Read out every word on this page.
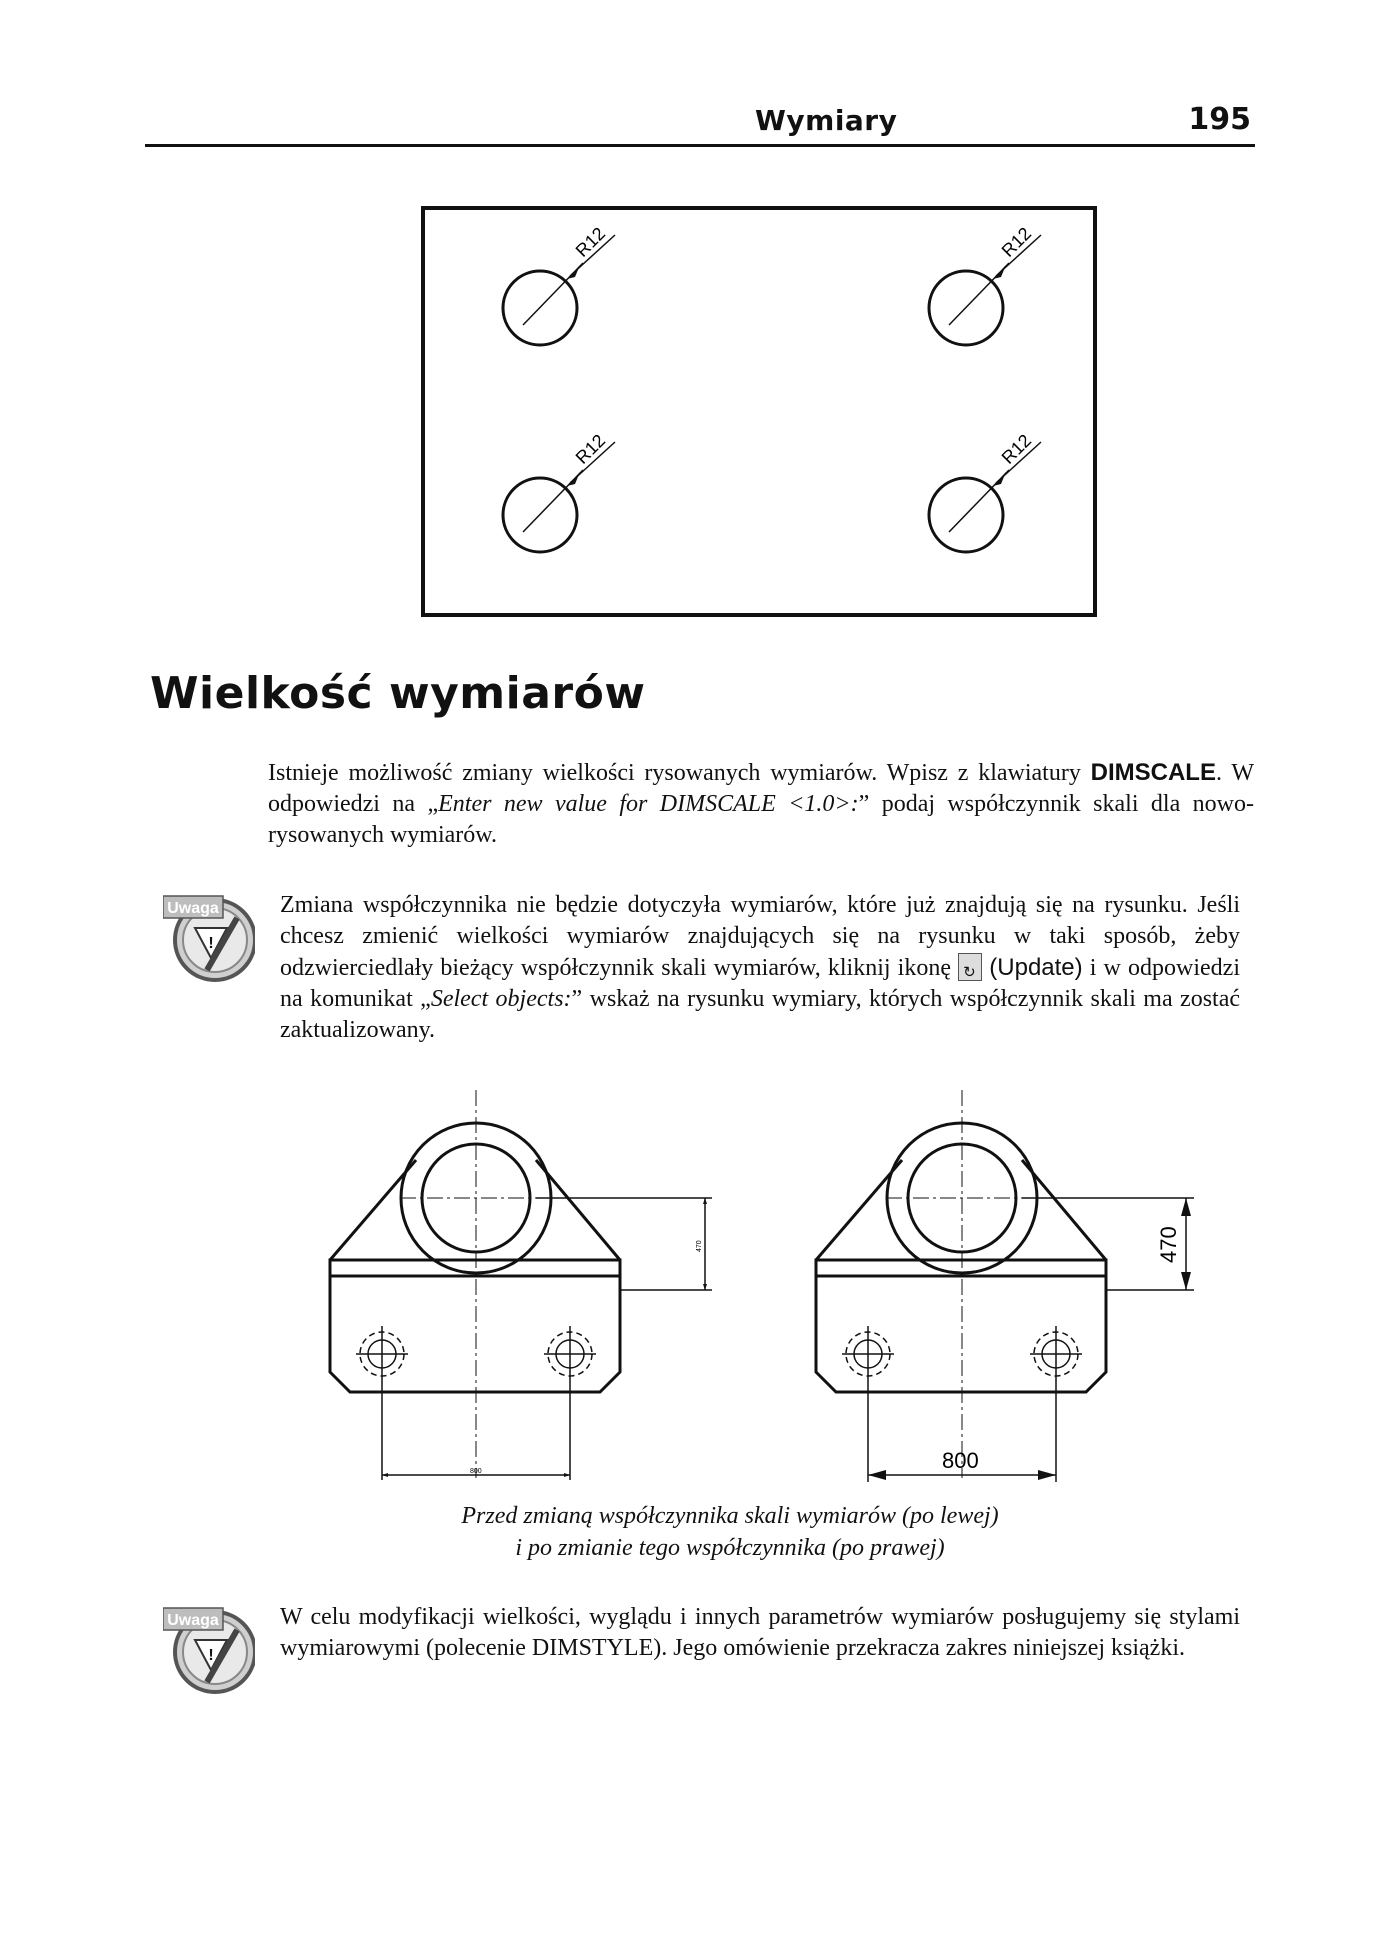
Wymiary	195
R12	R12
R12	R12
Wielkość wymiarów
Istnieje możliwość zmiany wielkości rysowanych wymiarów. Wpisz z klawiatury DIMSCALE. W odpowiedzi na „Enter new value for DIMSCALE <1.0>:” podaj współczynnik skali dla nowo-rysowanych wymiarów.
!
Uwaga	Zmiana współczynnika nie będzie dotyczyła wymiarów, które już znajdują się na rysunku. Jeśli chcesz zmienić wielkości wymiarów znajdujących się na rysunku w taki sposób, żeby odzwierciedlały bieżący współczynnik skali wymiarów, kliknij ikonę ↻ (Update) i w odpowiedzi na komunikat „Select objects:” wskaż na rysunku wymiary, których współczynnik skali ma zostać zaktualizowany.
470
800
470
800
Przed zmianą współczynnika skali wymiarów (po lewej)
i po zmianie tego współczynnika (po prawej)
!
Uwaga	W celu modyfikacji wielkości, wyglądu i innych parametrów wymiarów posługujemy się stylami wymiarowymi (polecenie DIMSTYLE). Jego omówienie przekracza zakres niniejszej książki.
